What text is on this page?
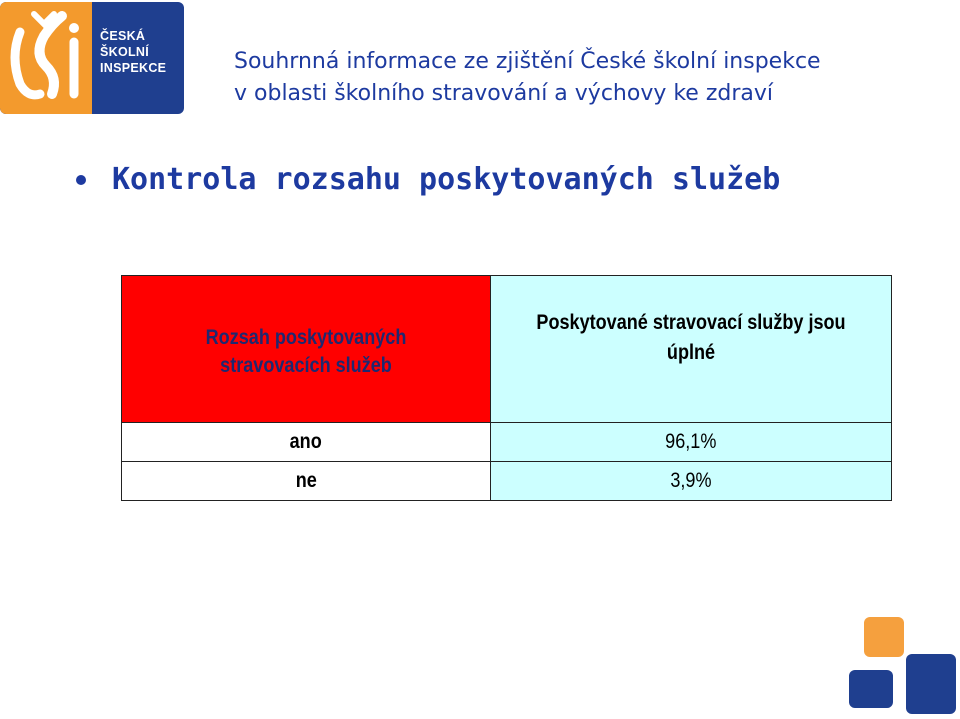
ČESKÁ
ŠKOLNÍ
INSPEKCE	Souhrnná informace ze zjištění České školní inspekce
v oblasti školního stravování a výchovy ke zdraví
Kontrola rozsahu poskytovaných služeb
Rozsah poskytovaných stravovacích služeb	Poskytované stravovací služby jsou úplné
ano	96,1%
ne	3,9%
